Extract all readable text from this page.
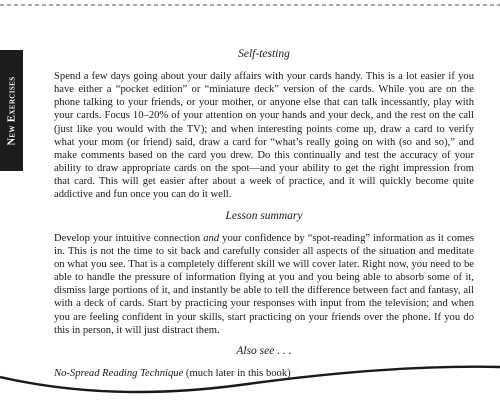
New Exercises
Self-testing

Spend a few days going about your daily affairs with your cards handy. This is a lot easier if you have either a “pocket edition” or “miniature deck” version of the cards. While you are on the phone talking to your friends, or your mother, or anyone else that can talk incessantly, play with your cards. Focus 10–20% of your attention on your hands and your deck, and the rest on the call (just like you would with the TV); and when interesting points come up, draw a card to verify what your mom (or friend) said, draw a card for “what’s really going on with (so and so),” and make comments based on the card you drew. Do this continually and test the accuracy of your ability to draw appropriate cards on the spot—and your ability to get the right impression from that card. This will get easier after about a week of practice, and it will quickly become quite addictive and fun once you can do it well.

Lesson summary

Develop your intuitive connection and your confidence by “spot-reading” information as it comes in. This is not the time to sit back and carefully consider all aspects of the situation and meditate on what you see. That is a completely different skill we will cover later. Right now, you need to be able to handle the pressure of information flying at you and you being able to absorb some of it, dismiss large portions of it, and instantly be able to tell the difference between fact and fantasy, all with a deck of cards. Start by practicing your responses with input from the television; and when you are feeling confident in your skills, start practicing on your friends over the phone. If you do this in person, it will just distract them.

Also see . . .

No-Spread Reading Technique (much later in this book)
